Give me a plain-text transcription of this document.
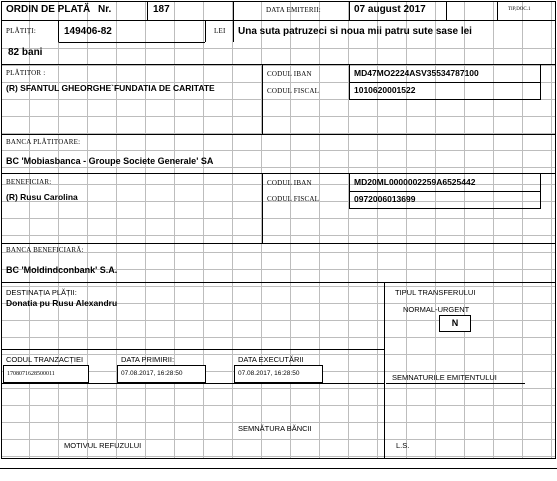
ORDIN DE PLATĂ Nr.	187	DATA EMITERII:	07 august 2017	TIP,DOC.1
PLĂTIȚI:	149406-82	LEI Una suta patruzeci si noua mii patru sute sase lei
82 bani
PLĂTITOR :
(R) SFANTUL GHEORGHE`FUNDATIA DE CARITATE
CODUL IBAN	MD47MO2224ASV35534787100
CODUL FISCAL	1010620001522
BANCA PLĂTITOARE:
BC 'Mobiasbanca - Groupe Societe Generale' SA
BENEFICIAR:
(R) Rusu Carolina
CODUL IBAN	MD20ML0000002259A6525442
CODUL FISCAL	0972006013699
BANCA BENEFICIARĂ:
BC 'Moldindconbank' S.A.
DESTINAȚIA PLĂȚII:
Donatia pu Rusu Alexandru
TIPUL TRANSFERULUI
NORMAL-URGENT
N
CODUL TRANZACȚIEI
1708071628500011
DATA PRIMIRII:
07.08.2017, 16:28:50
DATA EXECUTĂRII
07.08.2017, 16:28:50	SEMNATURILE EMITENTULUI
SEMNĂTURA BĂNCII
MOTIVUL REFUZULUI	L.S.
